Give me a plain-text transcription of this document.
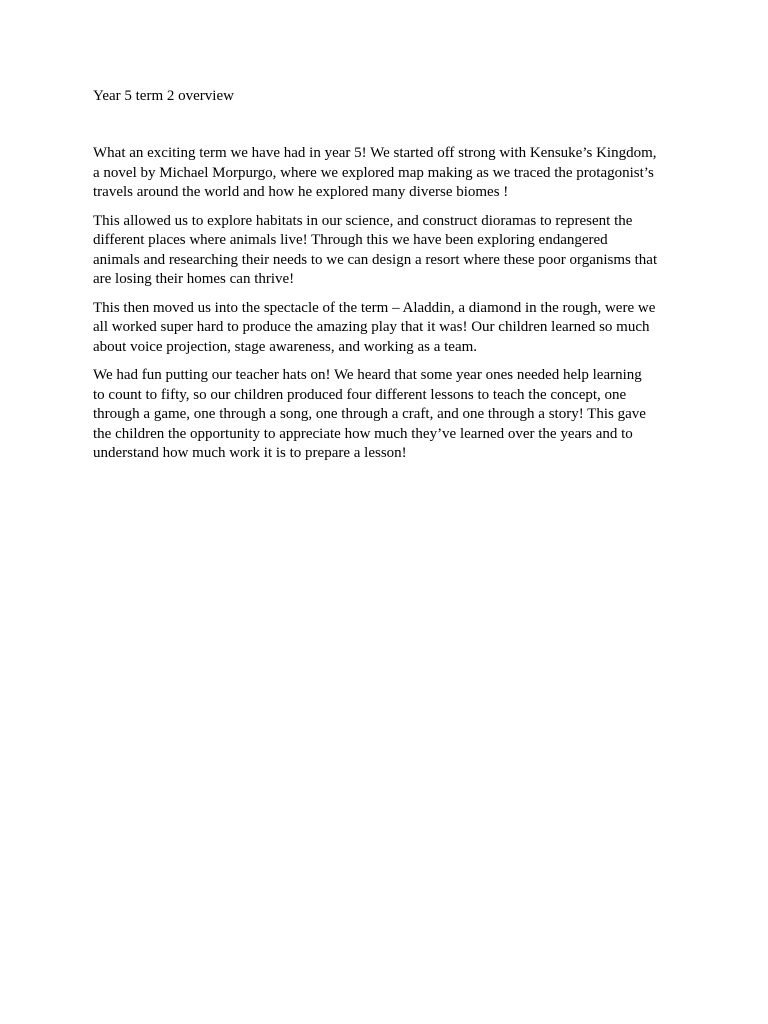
Year 5 term 2 overview

What an exciting term we have had in year 5! We started off strong with Kensuke’s Kingdom,
a novel by Michael Morpurgo, where we explored map making as we traced the protagonist’s
travels around the world and how he explored many diverse biomes !

This allowed us to explore habitats in our science, and construct dioramas to represent the
different places where animals live! Through this we have been exploring endangered
animals and researching their needs to we can design a resort where these poor organisms that
are losing their homes can thrive!

This then moved us into the spectacle of the term – Aladdin, a diamond in the rough, were we
all worked super hard to produce the amazing play that it was! Our children learned so much
about voice projection, stage awareness, and working as a team.

We had fun putting our teacher hats on! We heard that some year ones needed help learning
to count to fifty, so our children produced four different lessons to teach the concept, one
through a game, one through a song, one through a craft, and one through a story! This gave
the children the opportunity to appreciate how much they’ve learned over the years and to
understand how much work it is to prepare a lesson!
